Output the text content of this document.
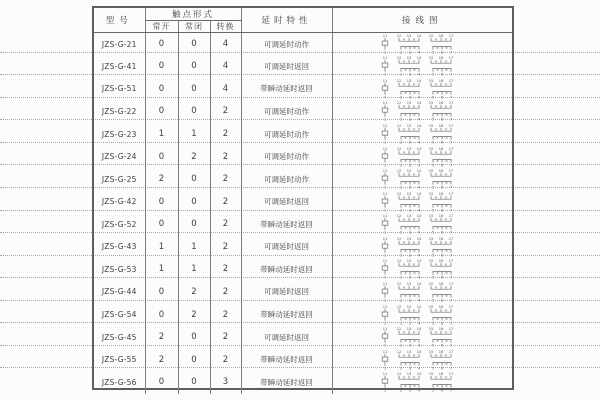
型号	触点形式			延时特性	接线图
	常开	常闭	转换		
JZS-G-21	0	0	4	可调延时动作	
11
1
12 13 14 15 16 17
2 3 4	5 6 7
× ×	× ×
× ×	× ×

JZS-G-41	0	0	4	可调延时返回	
11
1
12 13 14 15 16 17
2 3 4	5 6 7
× ×	× ×
× ×	× ×

JZS-G-51	0	0	4	带瞬动延时返回	
11
1
12 13 14 15 16 17
2 3 4	5 6 7
× ×	× ×
× ×	× ×

JZS-G-22	0	0	2	可调延时动作	
11
1
12 13 14 15 16 17
2 3 4	5 6 7
× ×	× ×
× ×	× ×

JZS-G-23	1	1	2	可调延时动作	
11
1
12 13 14 15 16 17
2 3 4	5 6 7
× ×	× ×
× ×	× ×

JZS-G-24	0	2	2	可调延时动作	
11
1
12 13 14 15 16 17
2 3 4	5 6 7
× ×	× ×
× ×	× ×

JZS-G-25	2	0	2	可调延时动作	
11
1
12 13 14 15 16 17
2 3 4	5 6 7
× ×	× ×
× ×	× ×

JZS-G-42	0	0	2	可调延时返回	
11
1
12 13 14 15 16 17
2 3 4	5 6 7
× ×	× ×
× ×	× ×

JZS-G-52	0	0	2	带瞬动延时返回	
11
1
12 13 14 15 16 17
2 3 4	5 6 7
× ×	× ×
× ×	× ×

JZS-G-43	1	1	2	可调延时返回	
11
1
12 13 14 15 16 17
2 3 4	5 6 7
× ×	× ×
× ×	× ×

JZS-G-53	1	1	2	带瞬动延时返回	
11
1
12 13 14 15 16 17
2 3 4	5 6 7
× ×	× ×
× ×	× ×

JZS-G-44	0	2	2	可调延时返回	
11
1
12 13 14 15 16 17
2 3 4	5 6 7
× ×	× ×
× ×	× ×

JZS-G-54	0	2	2	带瞬动延时返回	
11
1
12 13 14 15 16 17
2 3 4	5 6 7
× ×	× ×
× ×	× ×

JZS-G-45	2	0	2	可调延时返回	
11
1
12 13 14 15 16 17
2 3 4	5 6 7
× ×	× ×
× ×	× ×

JZS-G-55	2	0	2	带瞬动延时返回	
11
1
12 13 14 15 16 17
2 3 4	5 6 7
× ×	× ×
× ×	× ×

JZS-G-56	0	0	3	带瞬动延时返回	
11
1
12 13 14 15 16 17
2 3 4	5 6 7
× ×	× ×
× ×	× ×
